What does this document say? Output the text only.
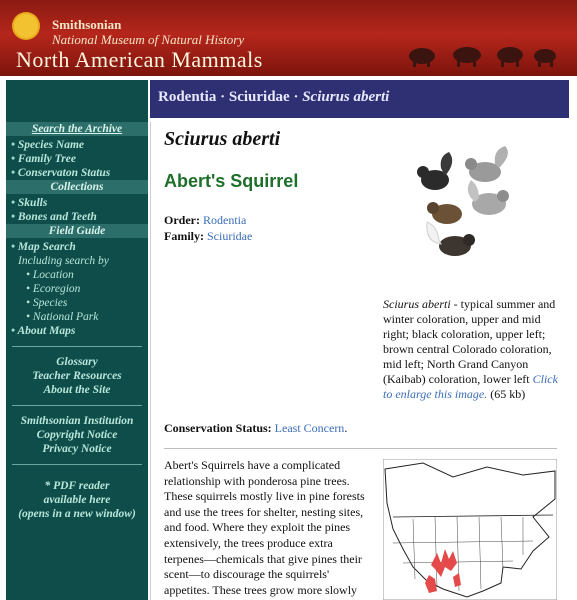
Smithsonian
National Museum of Natural History
North American Mammals
Search the Archive
• Species Name
• Family Tree
• Conservaton Status
Collections
• Skulls
• Bones and Teeth
Field Guide
• Map Search
Including search by
• Location
• Ecoregion
• Species
• National Park
• About Maps
Glossary
Teacher Resources
About the Site
Smithsonian Institution
Copyright Notice
Privacy Notice
* PDF reader
available here
(opens in a new window)
Rodentia · Sciuridae · Sciurus aberti
Sciurus aberti
Abert's Squirrel
Order: Rodentia
Family: Sciuridae
Sciurus aberti - typical summer and winter coloration, upper and mid right; black coloration, upper left; brown central Colorado coloration, mid left; North Grand Canyon (Kaibab) coloration, lower left Click to enlarge this image. (65 kb)
Conservation Status: Least Concern.
Abert's Squirrels have a complicated relationship with ponderosa pine trees. These squirrels mostly live in pine forests and use the trees for shelter, nesting sites, and food. Where they exploit the pines extensively, the trees produce extra terpenes—chemicals that give pines their scent—to discourage the squirrels' appetites. These trees grow more slowly
